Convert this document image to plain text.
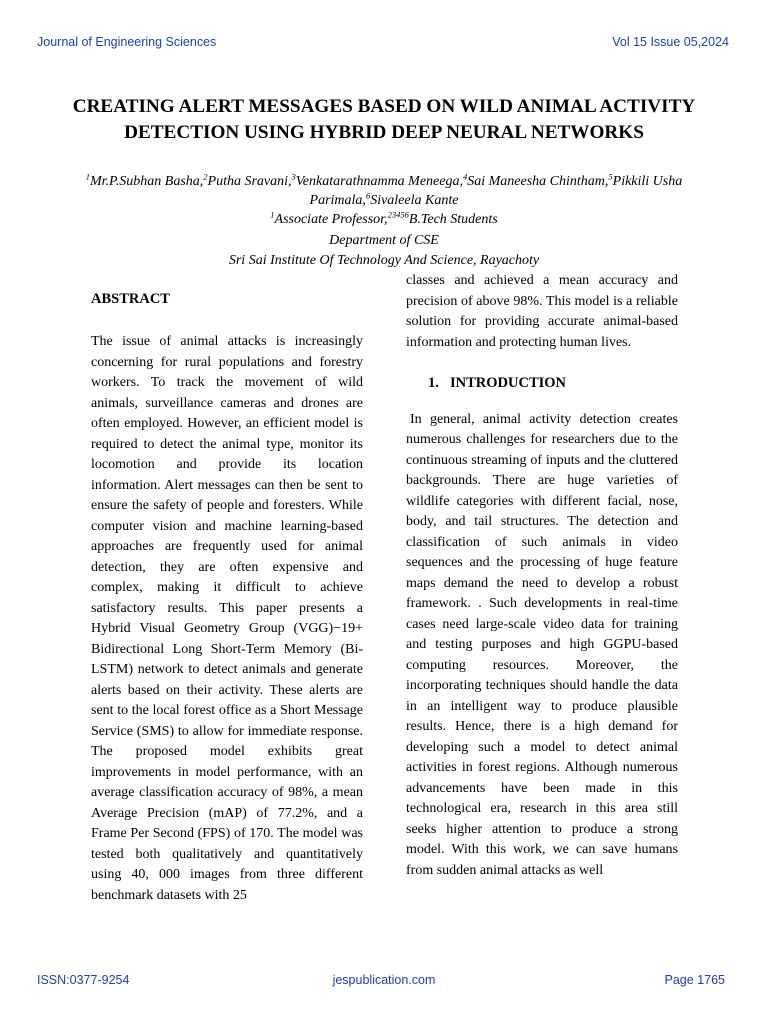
Journal of Engineering Sciences	Vol 15 Issue 05,2024
CREATING ALERT MESSAGES BASED ON WILD ANIMAL ACTIVITY DETECTION USING HYBRID DEEP NEURAL NETWORKS
$^1$Mr.P.Subhan Basha,$^2$Putha Sravani,$^3$Venkatarathnamma Meneega,$^4$Sai Maneesha Chintham,$^5$Pikkili Usha Parimala,$^6$Sivaleela Kante
$^1$Associate Professor,$^{23456}$B.Tech Students
Department of CSE
Sri Sai Institute Of Technology And Science, Rayachoty
ABSTRACT

The issue of animal attacks is increasingly concerning for rural populations and forestry workers. To track the movement of wild animals, surveillance cameras and drones are often employed. However, an efficient model is required to detect the animal type, monitor its locomotion and provide its location information. Alert messages can then be sent to ensure the safety of people and foresters. While computer vision and machine learning-based approaches are frequently used for animal detection, they are often expensive and complex, making it difficult to achieve satisfactory results. This paper presents a Hybrid Visual Geometry Group (VGG)−19+ Bidirectional Long Short-Term Memory (Bi-LSTM) network to detect animals and generate alerts based on their activity. These alerts are sent to the local forest office as a Short Message Service (SMS) to allow for immediate response. The proposed model exhibits great improvements in model performance, with an average classification accuracy of 98%, a mean Average Precision (mAP) of 77.2%, and a Frame Per Second (FPS) of 170. The model was tested both qualitatively and quantitatively using 40, 000 images from three different benchmark datasets with 25

classes and achieved a mean accuracy and precision of above 98%. This model is a reliable solution for providing accurate animal-based information and protecting human lives.

1. INTRODUCTION

In general, animal activity detection creates numerous challenges for researchers due to the continuous streaming of inputs and the cluttered backgrounds. There are huge varieties of wildlife categories with different facial, nose, body, and tail structures. The detection and classification of such animals in video sequences and the processing of huge feature maps demand the need to develop a robust framework. . Such developments in real-time cases need large-scale video data for training and testing purposes and high GGPU-based computing resources. Moreover, the incorporating techniques should handle the data in an intelligent way to produce plausible results. Hence, there is a high demand for developing such a model to detect animal activities in forest regions. Although numerous advancements have been made in this technological era, research in this area still seeks higher attention to produce a strong model. With this work, we can save humans from sudden animal attacks as well

ISSN:0377-9254	jespublication.com	Page 1765
